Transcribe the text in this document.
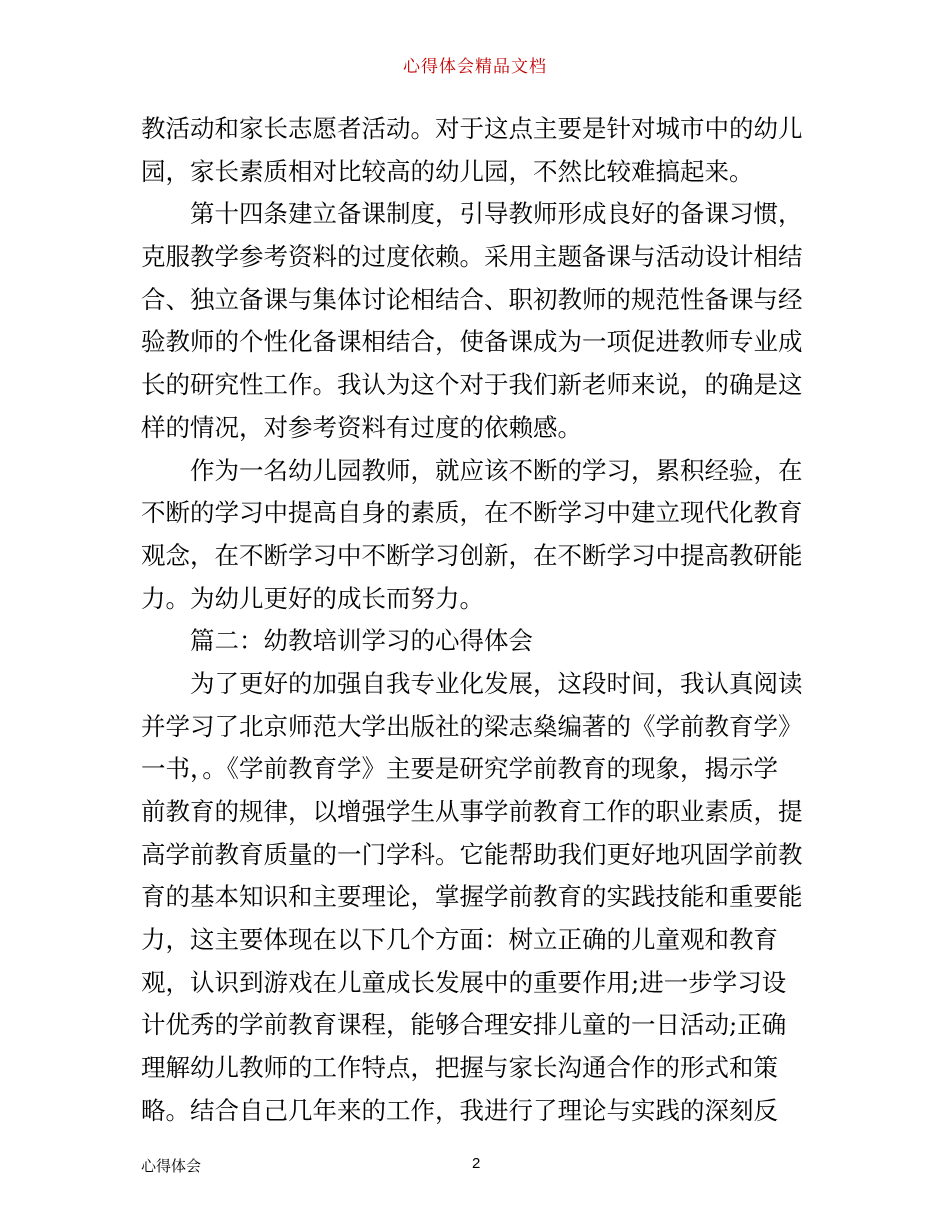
心得体会精品文档
教活动和家长志愿者活动。对于这点主要是针对城市中的幼儿
园，家长素质相对比较高的幼儿园，不然比较难搞起来。
第十四条建立备课制度，引导教师形成良好的备课习惯，
克服教学参考资料的过度依赖。采用主题备课与活动设计相结
合、独立备课与集体讨论相结合、职初教师的规范性备课与经
验教师的个性化备课相结合，使备课成为一项促进教师专业成
长的研究性工作。我认为这个对于我们新老师来说，的确是这
样的情况，对参考资料有过度的依赖感。
作为一名幼儿园教师，就应该不断的学习，累积经验，在
不断的学习中提高自身的素质，在不断学习中建立现代化教育
观念，在不断学习中不断学习创新，在不断学习中提高教研能
力。为幼儿更好的成长而努力。
篇二：幼教培训学习的心得体会
为了更好的加强自我专业化发展，这段时间，我认真阅读
并学习了北京师范大学出版社的梁志燊编著的《学前教育学》
一书，。《学前教育学》主要是研究学前教育的现象，揭示学
前教育的规律，以增强学生从事学前教育工作的职业素质，提
高学前教育质量的一门学科。它能帮助我们更好地巩固学前教
育的基本知识和主要理论，掌握学前教育的实践技能和重要能
力，这主要体现在以下几个方面：树立正确的儿童观和教育
观，认识到游戏在儿童成长发展中的重要作用;进一步学习设
计优秀的学前教育课程，能够合理安排儿童的一日活动;正确
理解幼儿教师的工作特点，把握与家长沟通合作的形式和策
略。结合自己几年来的工作，我进行了理论与实践的深刻反
心得体会	2
